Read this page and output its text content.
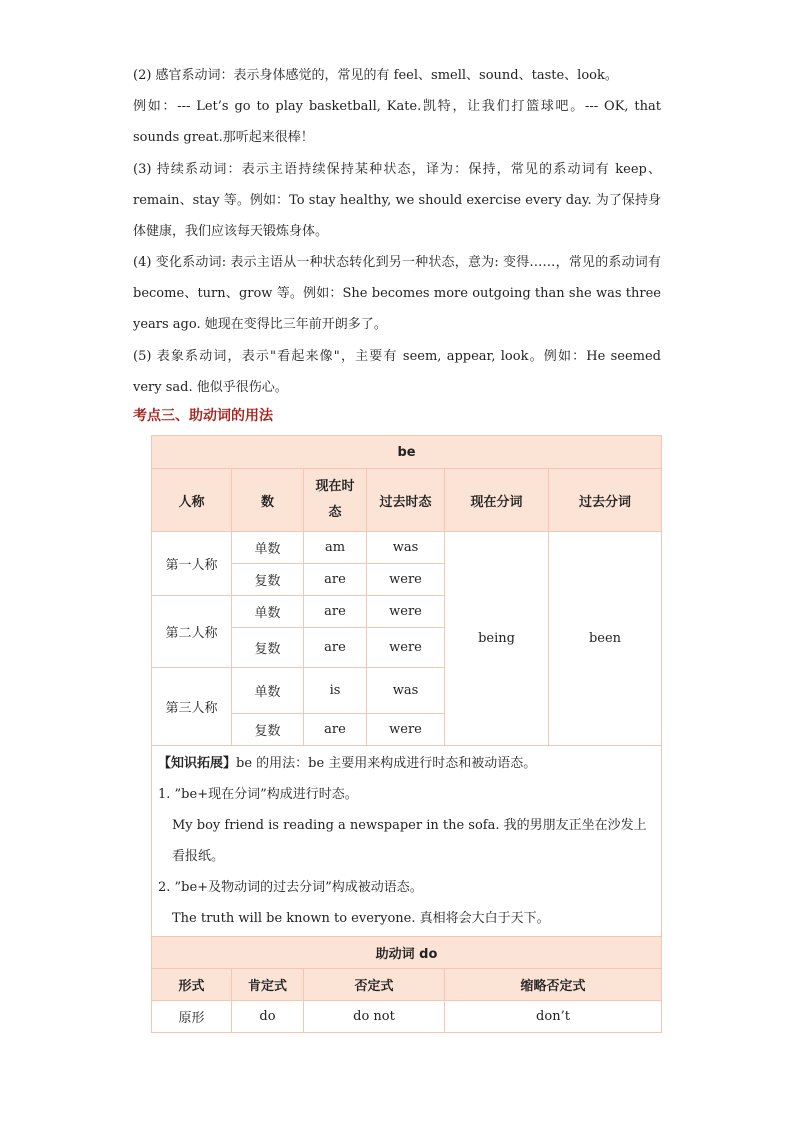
(2) 感官系动词：表示身体感觉的，常见的有 feel、smell、sound、taste、look。
例如：--- Let’s go to play basketball, Kate.凯特，让我们打篮球吧。--- OK, that sounds great.那听起来很棒！
(3) 持续系动词：表示主语持续保持某种状态，译为：保持，常见的系动词有 keep、remain、stay 等。例如：To stay healthy, we should exercise every day. 为了保持身体健康，我们应该每天锻炼身体。
(4) 变化系动词: 表示主语从一种状态转化到另一种状态，意为: 变得……，常见的系动词有 become、turn、grow 等。例如：She becomes more outgoing than she was three years ago. 她现在变得比三年前开朗多了。
(5) 表象系动词，表示"看起来像"，主要有 seem, appear, look。例如：He seemed very sad. 他似乎很伤心。
考点三、助动词的用法
be					
人称	数	现在时态	过去时态	现在分词	过去分词
第一人称	单数	am	was	being	been
	复数	are	were		
第二人称	单数	are	were		
	复数	are	were		
第三人称	单数	is	was		
	复数	are	were		

【知识拓展】be 的用法：be 主要用来构成进行时态和被动语态。

1. ”be+现在分词”构成进行时态。

My boy friend is reading a newspaper in the sofa. 我的男朋友正坐在沙发上看报纸。

2. ”be+及物动词的过去分词”构成被动语态。

The truth will be known to everyone. 真相将会大白于天下。					

助动词 do					
形式	肯定式	否定式		缩略否定式	
原形	do	do not		don’t	
